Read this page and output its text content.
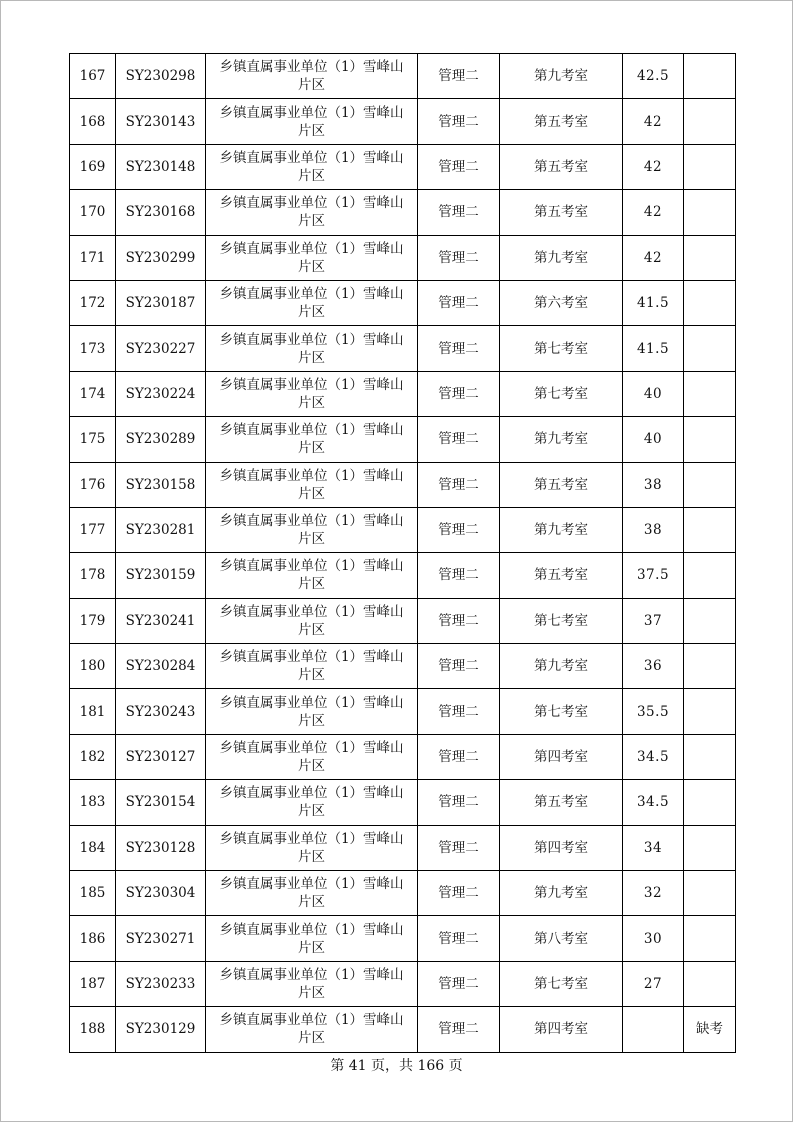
167	SY230298	乡镇直属事业单位（1）雪峰山片区	管理二	第九考室	42.5	
168	SY230143	乡镇直属事业单位（1）雪峰山片区	管理二	第五考室	42	
169	SY230148	乡镇直属事业单位（1）雪峰山片区	管理二	第五考室	42	
170	SY230168	乡镇直属事业单位（1）雪峰山片区	管理二	第五考室	42	
171	SY230299	乡镇直属事业单位（1）雪峰山片区	管理二	第九考室	42	
172	SY230187	乡镇直属事业单位（1）雪峰山片区	管理二	第六考室	41.5	
173	SY230227	乡镇直属事业单位（1）雪峰山片区	管理二	第七考室	41.5	
174	SY230224	乡镇直属事业单位（1）雪峰山片区	管理二	第七考室	40	
175	SY230289	乡镇直属事业单位（1）雪峰山片区	管理二	第九考室	40	
176	SY230158	乡镇直属事业单位（1）雪峰山片区	管理二	第五考室	38	
177	SY230281	乡镇直属事业单位（1）雪峰山片区	管理二	第九考室	38	
178	SY230159	乡镇直属事业单位（1）雪峰山片区	管理二	第五考室	37.5	
179	SY230241	乡镇直属事业单位（1）雪峰山片区	管理二	第七考室	37	
180	SY230284	乡镇直属事业单位（1）雪峰山片区	管理二	第九考室	36	
181	SY230243	乡镇直属事业单位（1）雪峰山片区	管理二	第七考室	35.5	
182	SY230127	乡镇直属事业单位（1）雪峰山片区	管理二	第四考室	34.5	
183	SY230154	乡镇直属事业单位（1）雪峰山片区	管理二	第五考室	34.5	
184	SY230128	乡镇直属事业单位（1）雪峰山片区	管理二	第四考室	34	
185	SY230304	乡镇直属事业单位（1）雪峰山片区	管理二	第九考室	32	
186	SY230271	乡镇直属事业单位（1）雪峰山片区	管理二	第八考室	30	
187	SY230233	乡镇直属事业单位（1）雪峰山片区	管理二	第七考室	27	
188	SY230129	乡镇直属事业单位（1）雪峰山片区	管理二	第四考室		缺考
第 41 页，共 166 页
